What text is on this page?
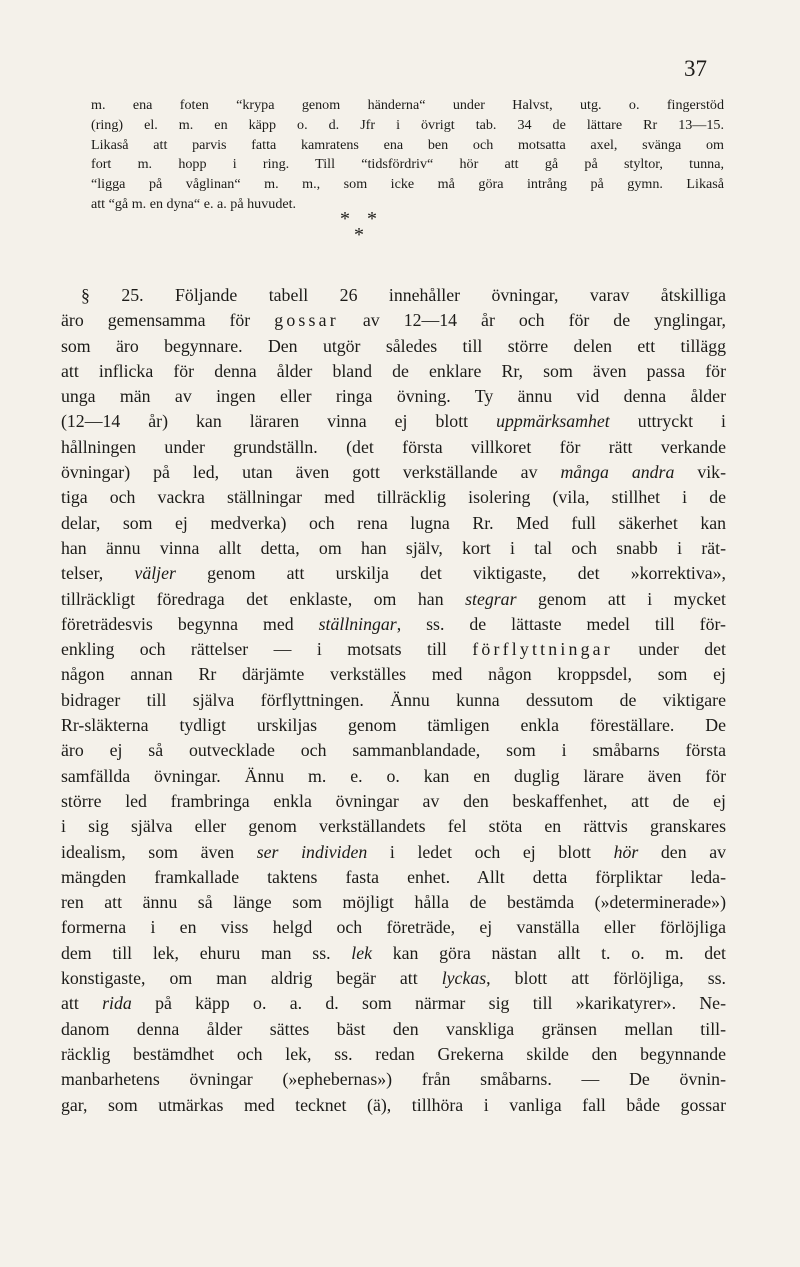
37
m. ena foten “krypa genom händerna“ under Halvst, utg. o. fingerstöd
(ring) el. m. en käpp o. d. Jfr i övrigt tab. 34 de lättare Rr 13—15.
Likaså att parvis fatta kamratens ena ben och motsatta axel, svänga om
fort m. hopp i ring. Till “tidsfördriv“ hör att gå på styltor, tunna,
“ligga på våglinan“ m. m., som icke må göra intrång på gymn. Likaså
att “gå m. en dyna“ e. a. på huvudet.
*
*
*
§ 25. Följande tabell 26 innehåller övningar, varav åtskilliga
äro gemensamma för gossar av 12—14 år och för de ynglingar,
som äro begynnare. Den utgör således till större delen ett tillägg
att inflicka för denna ålder bland de enklare Rr, som även passa för
unga män av ingen eller ringa övning. Ty ännu vid denna ålder
(12—14 år) kan läraren vinna ej blott uppmärksamhet uttryckt i
hållningen under grundställn. (det första villkoret för rätt verkande
övningar) på led, utan även gott verkställande av många andra vik-
tiga och vackra ställningar med tillräcklig isolering (vila, stillhet i de
delar, som ej medverka) och rena lugna Rr. Med full säkerhet kan
han ännu vinna allt detta, om han själv, kort i tal och snabb i rät-
telser, väljer genom att urskilja det viktigaste, det »korrektiva»,
tillräckligt föredraga det enklaste, om han stegrar genom att i mycket
företrädesvis begynna med ställningar, ss. de lättaste medel till för-
enkling och rättelser — i motsats till förflyttningar under det
någon annan Rr därjämte verkställes med någon kroppsdel, som ej
bidrager till själva förflyttningen. Ännu kunna dessutom de viktigare
Rr-släkterna tydligt urskiljas genom tämligen enkla föreställare. De
äro ej så outvecklade och sammanblandade, som i småbarns första
samfällda övningar. Ännu m. e. o. kan en duglig lärare även för
större led frambringa enkla övningar av den beskaffenhet, att de ej
i sig själva eller genom verkställandets fel stöta en rättvis granskares
idealism, som även ser individen i ledet och ej blott hör den av
mängden framkallade taktens fasta enhet. Allt detta förpliktar leda-
ren att ännu så länge som möjligt hålla de bestämda (»determinerade»)
formerna i en viss helgd och företräde, ej vanställa eller förlöjliga
dem till lek, ehuru man ss. lek kan göra nästan allt t. o. m. det
konstigaste, om man aldrig begär att lyckas, blott att förlöjliga, ss.
att rida på käpp o. a. d. som närmar sig till »karikatyrer». Ne-
danom denna ålder sättes bäst den vanskliga gränsen mellan till-
räcklig bestämdhet och lek, ss. redan Grekerna skilde den begynnande
manbarhetens övningar (»ephebernas») från småbarns. — De övnin-
gar, som utmärkas med tecknet (ä), tillhöra i vanliga fall både gossar
